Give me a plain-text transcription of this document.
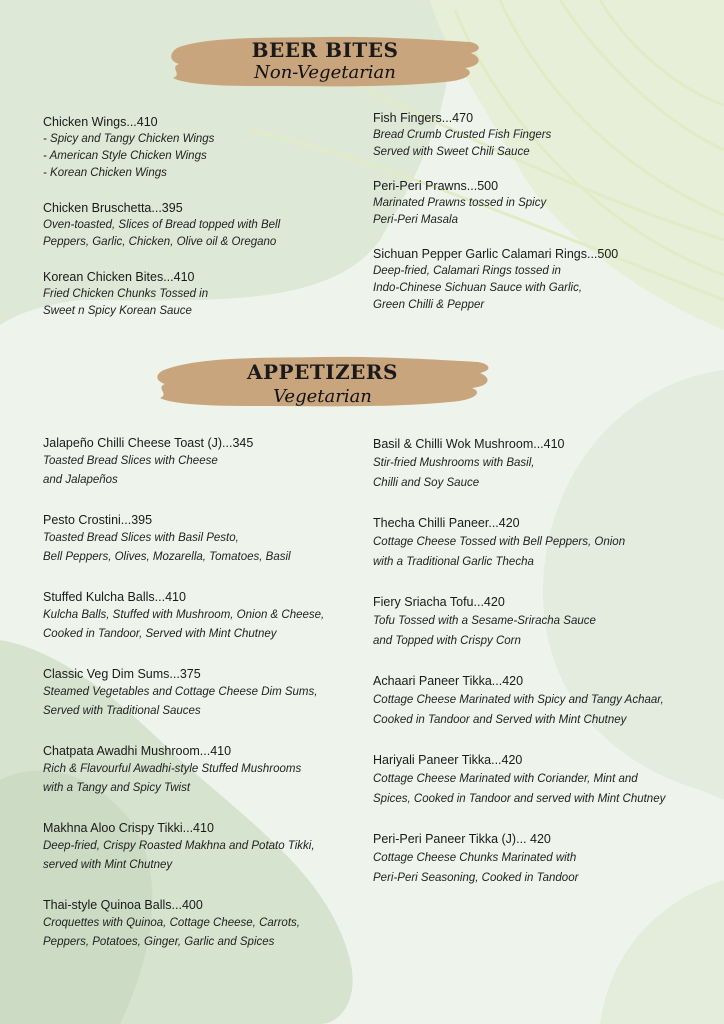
BEER BITES
Non-Vegetarian
Chicken Wings...410
- Spicy and Tangy Chicken Wings
- American Style Chicken Wings
- Korean Chicken Wings
Chicken Bruschetta...395
Oven-toasted, Slices of Bread topped with Bell
Peppers, Garlic, Chicken, Olive oil & Oregano
Korean Chicken Bites...410
Fried Chicken Chunks Tossed in
Sweet n Spicy Korean Sauce
Fish Fingers...470
Bread Crumb Crusted Fish Fingers
Served with Sweet Chili Sauce
Peri-Peri Prawns...500
Marinated Prawns tossed in Spicy
Peri-Peri Masala
Sichuan Pepper Garlic Calamari Rings...500
Deep-fried, Calamari Rings tossed in
Indo-Chinese Sichuan Sauce with Garlic,
Green Chilli & Pepper
APPETIZERS
Vegetarian
Jalapeño Chilli Cheese Toast (J)...345
Toasted Bread Slices with Cheese
and Jalapeños
Pesto Crostini...395
Toasted Bread Slices with Basil Pesto,
Bell Peppers, Olives, Mozarella, Tomatoes, Basil
Stuffed Kulcha Balls...410
Kulcha Balls, Stuffed with Mushroom, Onion & Cheese,
Cooked in Tandoor, Served with Mint Chutney
Classic Veg Dim Sums...375
Steamed Vegetables and Cottage Cheese Dim Sums,
Served with Traditional Sauces
Chatpata Awadhi Mushroom...410
Rich & Flavourful Awadhi-style Stuffed Mushrooms
with a Tangy and Spicy Twist
Makhna Aloo Crispy Tikki...410
Deep-fried, Crispy Roasted Makhna and Potato Tikki,
served with Mint Chutney
Thai-style Quinoa Balls...400
Croquettes with Quinoa, Cottage Cheese, Carrots,
Peppers, Potatoes, Ginger, Garlic and Spices
Basil & Chilli Wok Mushroom...410
Stir-fried Mushrooms with Basil,
Chilli and Soy Sauce
Thecha Chilli Paneer...420
Cottage Cheese Tossed with Bell Peppers, Onion
with a Traditional Garlic Thecha
Fiery Sriacha Tofu...420
Tofu Tossed with a Sesame-Sriracha Sauce
and Topped with Crispy Corn
Achaari Paneer Tikka...420
Cottage Cheese Marinated with Spicy and Tangy Achaar,
Cooked in Tandoor and Served with Mint Chutney
Hariyali Paneer Tikka...420
Cottage Cheese Marinated with Coriander, Mint and
Spices, Cooked in Tandoor and served with Mint Chutney
Peri-Peri Paneer Tikka (J)... 420
Cottage Cheese Chunks Marinated with
Peri-Peri Seasoning, Cooked in Tandoor
